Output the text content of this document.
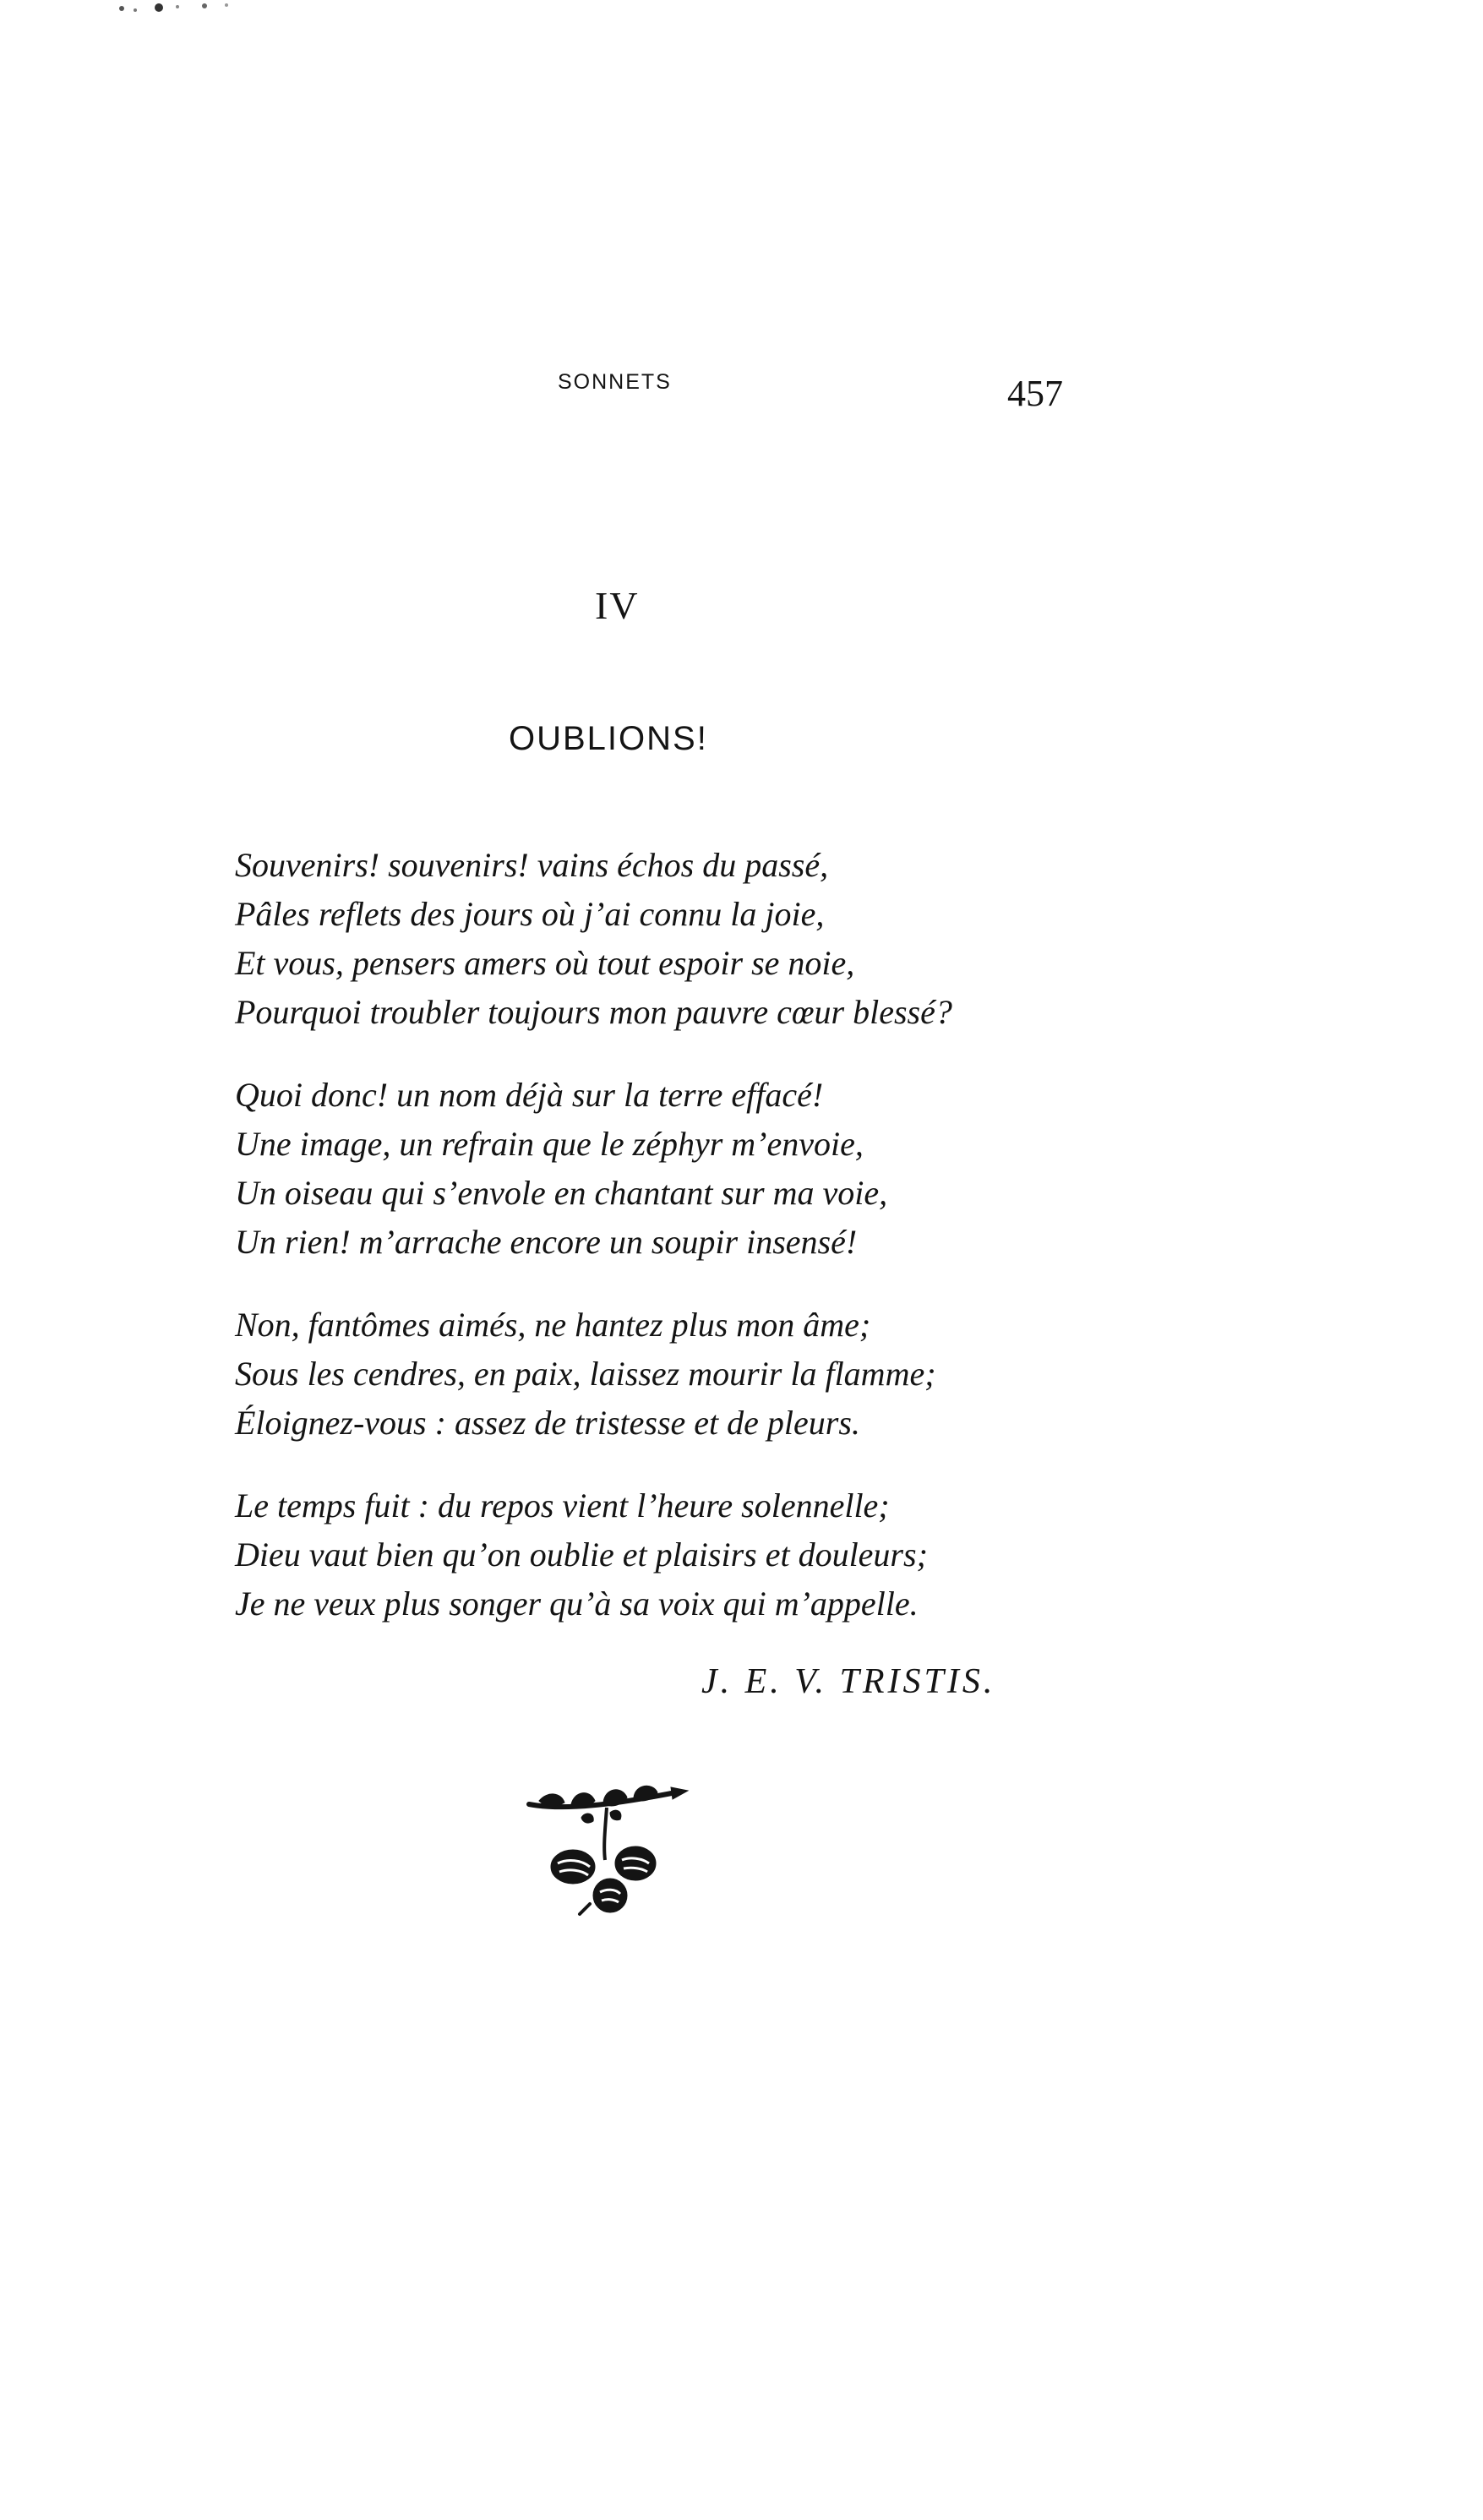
SONNETS	457
IV
OUBLIONS!
Souvenirs! souvenirs! vains échos du passé,
Pâles reflets des jours où j’ai connu la joie,
Et vous, pensers amers où tout espoir se noie,
Pourquoi troubler toujours mon pauvre cœur blessé?
Quoi donc! un nom déjà sur la terre effacé!
Une image, un refrain que le zéphyr m’envoie,
Un oiseau qui s’envole en chantant sur ma voie,
Un rien! m’arrache encore un soupir insensé!
Non, fantômes aimés, ne hantez plus mon âme;
Sous les cendres, en paix, laissez mourir la flamme;
Éloignez-vous : assez de tristesse et de pleurs.
Le temps fuit : du repos vient l’heure solennelle;
Dieu vaut bien qu’on oublie et plaisirs et douleurs;
Je ne veux plus songer qu’à sa voix qui m’appelle.
J. E. V. TRISTIS.
